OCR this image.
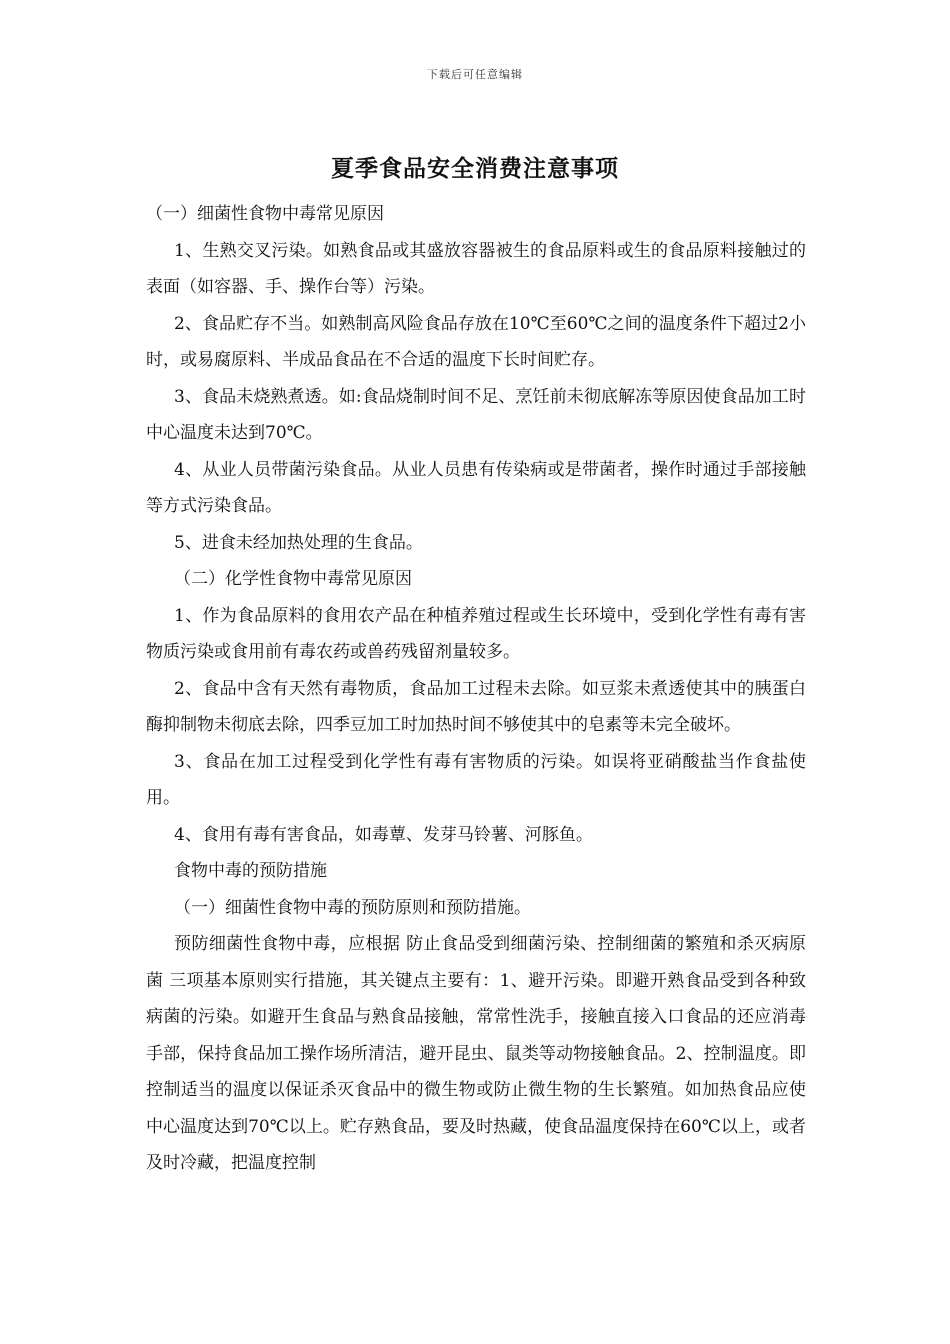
下载后可任意编辑
夏季食品安全消费注意事项

（一）细菌性食物中毒常见原因

1、生熟交叉污染。如熟食品或其盛放容器被生的食品原料或生的食品原料接触过的表面（如容器、手、操作台等）污染。

2、食品贮存不当。如熟制高风险食品存放在10℃至60℃之间的温度条件下超过2小时，或易腐原料、半成品食品在不合适的温度下长时间贮存。

3、食品未烧熟煮透。如:食品烧制时间不足、烹饪前未彻底解冻等原因使食品加工时中心温度未达到70℃。

4、从业人员带菌污染食品。从业人员患有传染病或是带菌者，操作时通过手部接触等方式污染食品。

5、进食未经加热处理的生食品。

（二）化学性食物中毒常见原因

1、作为食品原料的食用农产品在种植养殖过程或生长环境中，受到化学性有毒有害物质污染或食用前有毒农药或兽药残留剂量较多。

2、食品中含有天然有毒物质，食品加工过程未去除。如豆浆未煮透使其中的胰蛋白酶抑制物未彻底去除，四季豆加工时加热时间不够使其中的皂素等未完全破坏。

3、食品在加工过程受到化学性有毒有害物质的污染。如误将亚硝酸盐当作食盐使用。

4、食用有毒有害食品，如毒蕈、发芽马铃薯、河豚鱼。

食物中毒的预防措施

（一）细菌性食物中毒的预防原则和预防措施。

预防细菌性食物中毒，应根据 防止食品受到细菌污染、控制细菌的繁殖和杀灭病原菌 三项基本原则实行措施，其关键点主要有：1、避开污染。即避开熟食品受到各种致病菌的污染。如避开生食品与熟食品接触，常常性洗手，接触直接入口食品的还应消毒手部，保持食品加工操作场所清洁，避开昆虫、鼠类等动物接触食品。2、控制温度。即控制适当的温度以保证杀灭食品中的微生物或防止微生物的生长繁殖。如加热食品应使中心温度达到70℃以上。贮存熟食品，要及时热藏，使食品温度保持在60℃以上，或者及时冷藏，把温度控制
